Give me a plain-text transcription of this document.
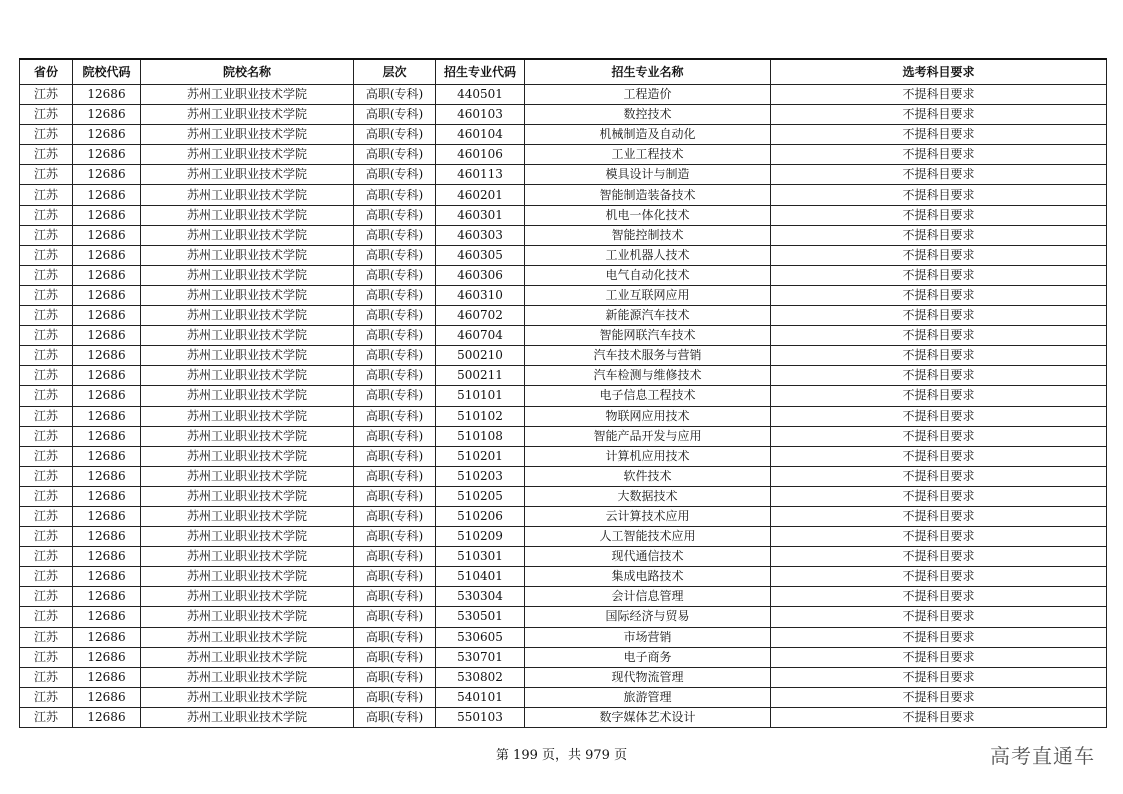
省份	院校代码	院校名称	层次	招生专业代码	招生专业名称	选考科目要求
江苏	12686	苏州工业职业技术学院	高职(专科)	440501	工程造价	不提科目要求
江苏	12686	苏州工业职业技术学院	高职(专科)	460103	数控技术	不提科目要求
江苏	12686	苏州工业职业技术学院	高职(专科)	460104	机械制造及自动化	不提科目要求
江苏	12686	苏州工业职业技术学院	高职(专科)	460106	工业工程技术	不提科目要求
江苏	12686	苏州工业职业技术学院	高职(专科)	460113	模具设计与制造	不提科目要求
江苏	12686	苏州工业职业技术学院	高职(专科)	460201	智能制造装备技术	不提科目要求
江苏	12686	苏州工业职业技术学院	高职(专科)	460301	机电一体化技术	不提科目要求
江苏	12686	苏州工业职业技术学院	高职(专科)	460303	智能控制技术	不提科目要求
江苏	12686	苏州工业职业技术学院	高职(专科)	460305	工业机器人技术	不提科目要求
江苏	12686	苏州工业职业技术学院	高职(专科)	460306	电气自动化技术	不提科目要求
江苏	12686	苏州工业职业技术学院	高职(专科)	460310	工业互联网应用	不提科目要求
江苏	12686	苏州工业职业技术学院	高职(专科)	460702	新能源汽车技术	不提科目要求
江苏	12686	苏州工业职业技术学院	高职(专科)	460704	智能网联汽车技术	不提科目要求
江苏	12686	苏州工业职业技术学院	高职(专科)	500210	汽车技术服务与营销	不提科目要求
江苏	12686	苏州工业职业技术学院	高职(专科)	500211	汽车检测与维修技术	不提科目要求
江苏	12686	苏州工业职业技术学院	高职(专科)	510101	电子信息工程技术	不提科目要求
江苏	12686	苏州工业职业技术学院	高职(专科)	510102	物联网应用技术	不提科目要求
江苏	12686	苏州工业职业技术学院	高职(专科)	510108	智能产品开发与应用	不提科目要求
江苏	12686	苏州工业职业技术学院	高职(专科)	510201	计算机应用技术	不提科目要求
江苏	12686	苏州工业职业技术学院	高职(专科)	510203	软件技术	不提科目要求
江苏	12686	苏州工业职业技术学院	高职(专科)	510205	大数据技术	不提科目要求
江苏	12686	苏州工业职业技术学院	高职(专科)	510206	云计算技术应用	不提科目要求
江苏	12686	苏州工业职业技术学院	高职(专科)	510209	人工智能技术应用	不提科目要求
江苏	12686	苏州工业职业技术学院	高职(专科)	510301	现代通信技术	不提科目要求
江苏	12686	苏州工业职业技术学院	高职(专科)	510401	集成电路技术	不提科目要求
江苏	12686	苏州工业职业技术学院	高职(专科)	530304	会计信息管理	不提科目要求
江苏	12686	苏州工业职业技术学院	高职(专科)	530501	国际经济与贸易	不提科目要求
江苏	12686	苏州工业职业技术学院	高职(专科)	530605	市场营销	不提科目要求
江苏	12686	苏州工业职业技术学院	高职(专科)	530701	电子商务	不提科目要求
江苏	12686	苏州工业职业技术学院	高职(专科)	530802	现代物流管理	不提科目要求
江苏	12686	苏州工业职业技术学院	高职(专科)	540101	旅游管理	不提科目要求
江苏	12686	苏州工业职业技术学院	高职(专科)	550103	数字媒体艺术设计	不提科目要求
第 199 页，共 979 页	高考直通车
